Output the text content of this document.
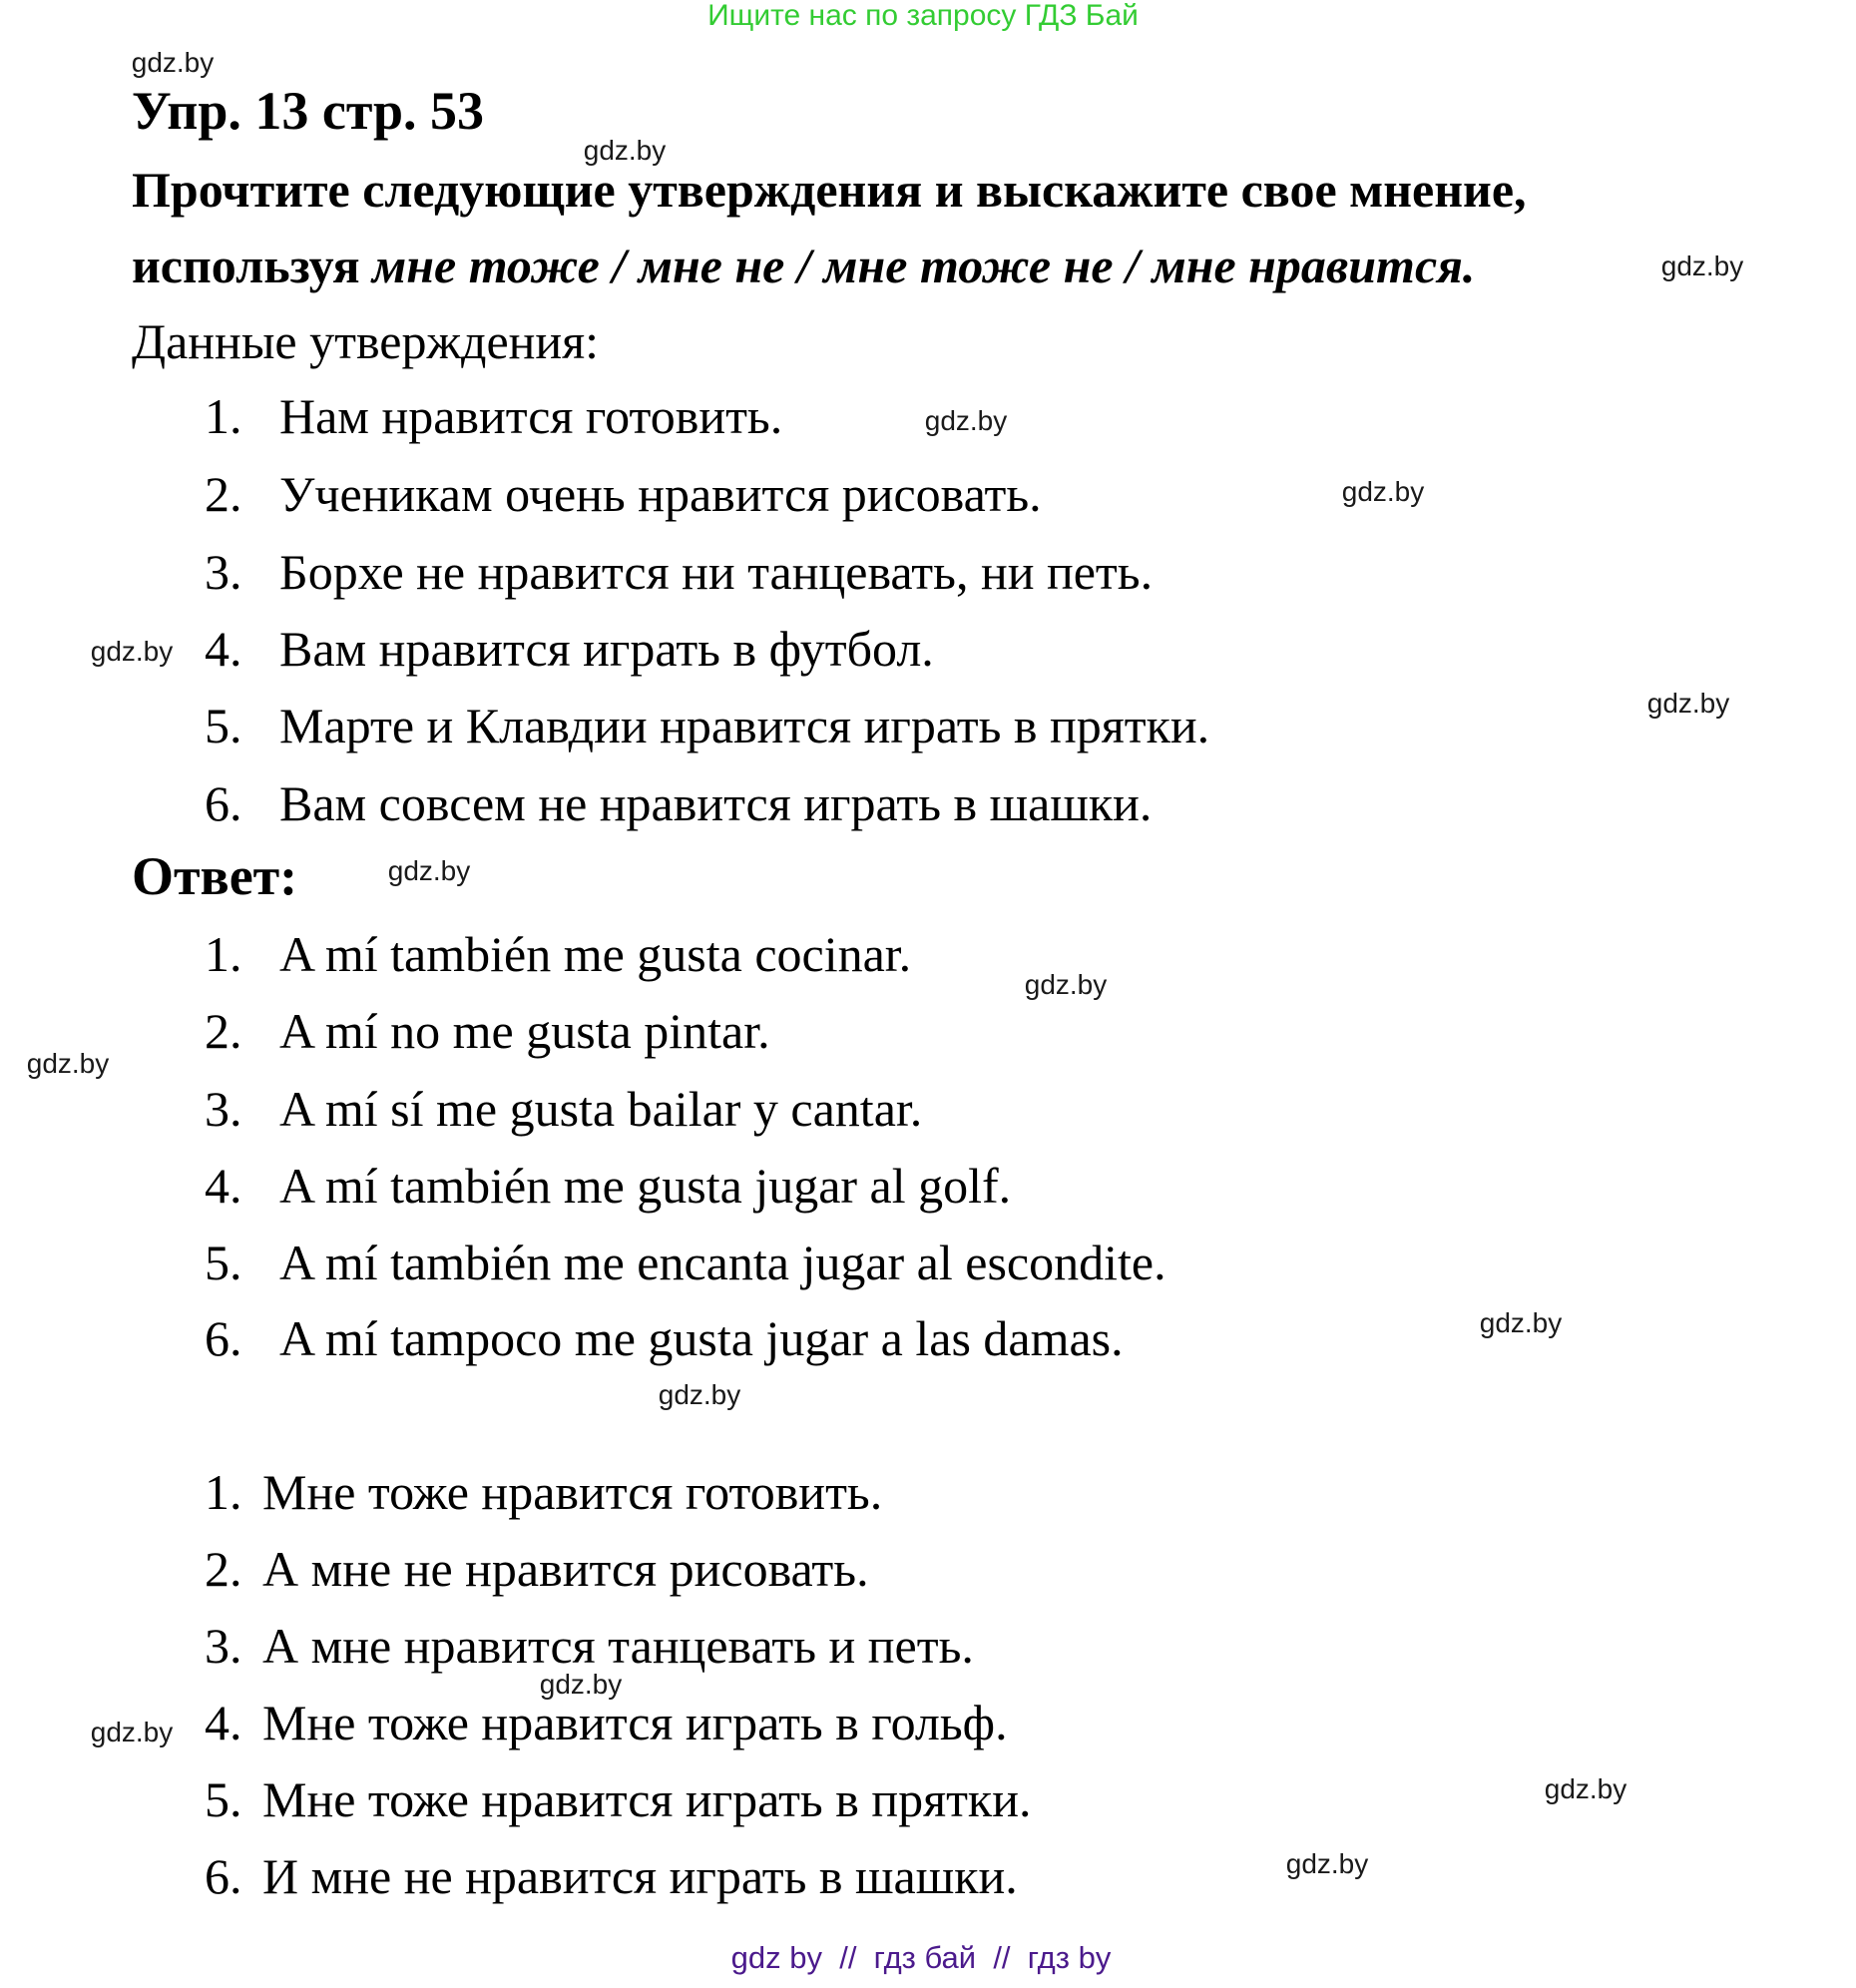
Ищите нас по запросу ГДЗ Бай
Упр. 13 стр. 53
Прочтите следующие утверждения и выскажите свое мнение,
используя мне тоже / мне не / мне тоже не / мне нравится.
Данные утверждения:
1. Нам нравится готовить.
2. Ученикам очень нравится рисовать.
3. Борхе не нравится ни танцевать, ни петь.
4. Вам нравится играть в футбол.
5. Марте и Клавдии нравится играть в прятки.
6. Вам совсем не нравится играть в шашки.
Ответ:
1. A mí también me gusta cocinar.
2. A mí no me gusta pintar.
3. A mí sí me gusta bailar y cantar.
4. A mí también me gusta jugar al golf.
5. A mí también me encanta jugar al escondite.
6. A mí tampoco me gusta jugar a las damas.
1. Мне тоже нравится готовить.
2. А мне не нравится рисовать.
3. А мне нравится танцевать и петь.
4. Мне тоже нравится играть в гольф.
5. Мне тоже нравится играть в прятки.
6. И мне не нравится играть в шашки.
gdz.by
gdz.by
gdz.by
gdz.by
gdz.by
gdz.by
gdz.by
gdz.by
gdz.by
gdz.by
gdz.by
gdz.by
gdz.by
gdz.by
gdz.by
gdz.by
gdz by  //  гдз бай  //  гдз by
